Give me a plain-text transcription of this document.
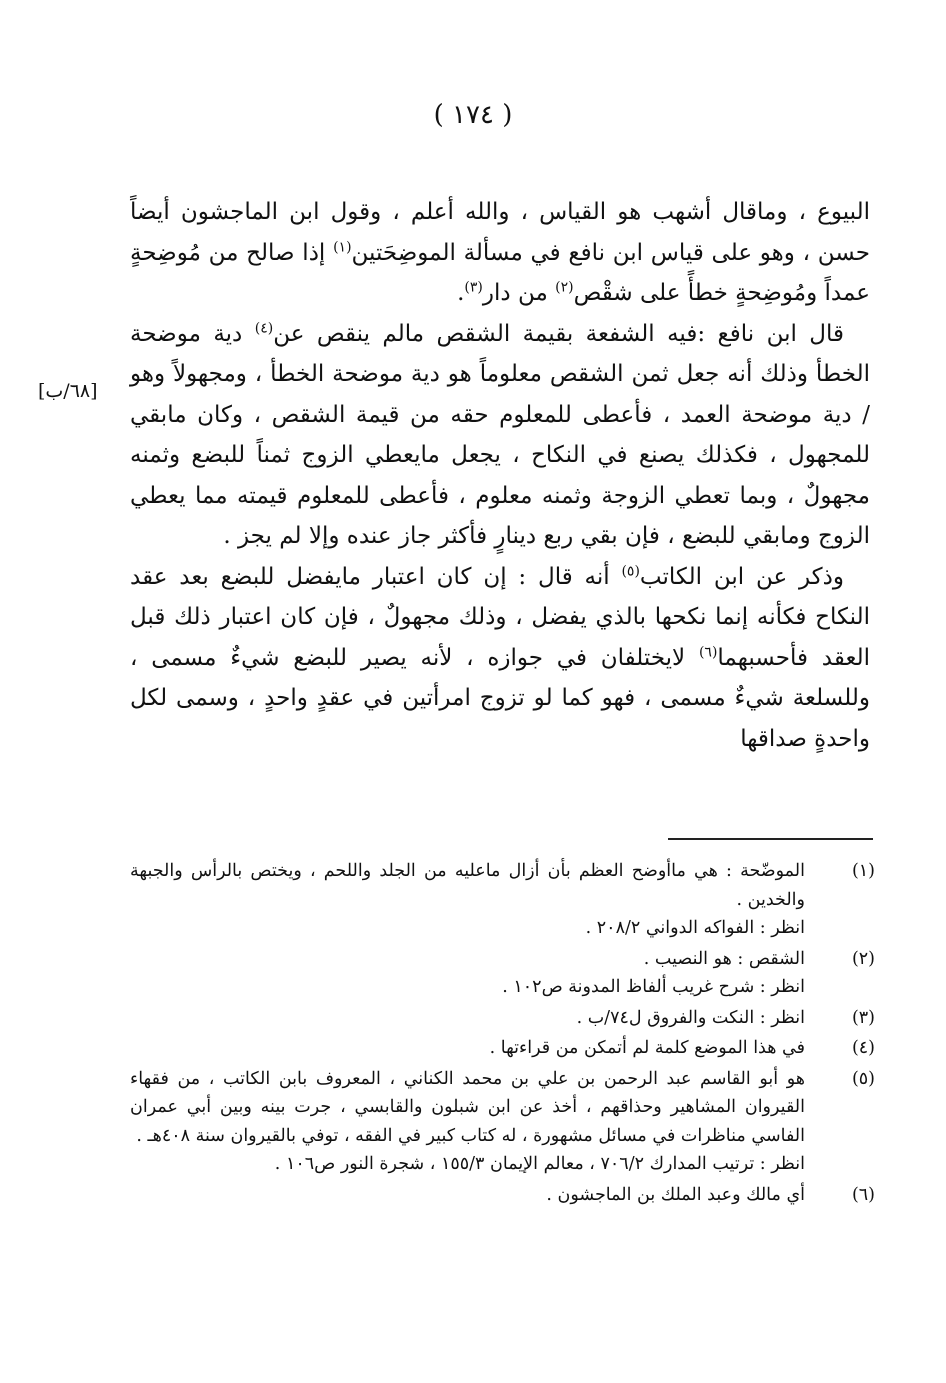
( ١٧٤ )

البيوع ، وماقال أشهب هو القياس ، والله أعلم ، وقول ابن الماجشون أيضاً حسن ، وهو على قياس ابن نافع في مسألة الموضِحَتين$^{(١)}$ إذا صالح من مُوضِحةٍ عمداً ومُوضِحةٍ خطأً على شقْص$^{(٢)}$ من دار$^{(٣)}$.

قال ابن نافع :فيه الشفعة بقيمة الشقص مالم ينقص عن$^{(٤)}$ دية موضحة الخطأ وذلك أنه جعل ثمن الشقص معلوماً هو دية موضحة الخطأ ، ومجهولاً وهو / دية موضحة العمد ، فأعطى للمعلوم حقه من قيمة الشقص ، وكان مابقي للمجهول ، فكذلك يصنع في النكاح ، يجعل مايعطي الزوج ثمناً للبضع وثمنه مجهولٌ ، وبما تعطي الزوجة وثمنه معلوم ، فأعطى للمعلوم قيمته مما يعطي الزوج ومابقي للبضع ، فإن بقي ربع دينارٍ فأكثر جاز عنده وإلا لم يجز .

وذكر عن ابن الكاتب$^{(٥)}$ أنه قال : إن كان اعتبار مايفضل للبضع بعد عقد النكاح فكأنه إنما نكحها بالذي يفضل ، وذلك مجهولٌ ، فإن كان اعتبار ذلك قبل العقد فأحسبهما$^{(٦)}$ لايختلفان في جوازه ، لأنه يصير للبضع شيءٌ مسمى ، وللسلعة شيءٌ مسمى ، فهو كما لو تزوج امرأتين في عقدٍ واحدٍ ، وسمى لكل واحدةٍ صداقها

[٦٨/ب]
(١)
الموضّحة : هي ماأوضح العظم بأن أزال ماعليه من الجلد واللحم ، ويختص بالرأس والجبهة والخدين .
انظر : الفواكه الدواني ٢٠٨/٢ .
(٢)
الشقص : هو النصيب .
انظر : شرح غريب ألفاظ المدونة ص١٠٢ .
(٣)
انظر : النكت والفروق ل٧٤/ب .
(٤)
في هذا الموضع كلمة لم أتمكن من قراءتها .
(٥)
هو أبو القاسم عبد الرحمن بن علي بن محمد الكناني ، المعروف بابن الكاتب ، من فقهاء القيروان المشاهير وحذاقهم ، أخذ عن ابن شبلون والقابسي ، جرت بينه وبين أبي عمران الفاسي مناظرات في مسائل مشهورة ، له كتاب كبير في الفقه ، توفي بالقيروان سنة ٤٠٨هـ .
انظر : ترتيب المدارك ٧٠٦/٢ ، معالم الإيمان ١٥٥/٣ ، شجرة النور ص١٠٦ .
(٦)
أي مالك وعبد الملك بن الماجشون .
